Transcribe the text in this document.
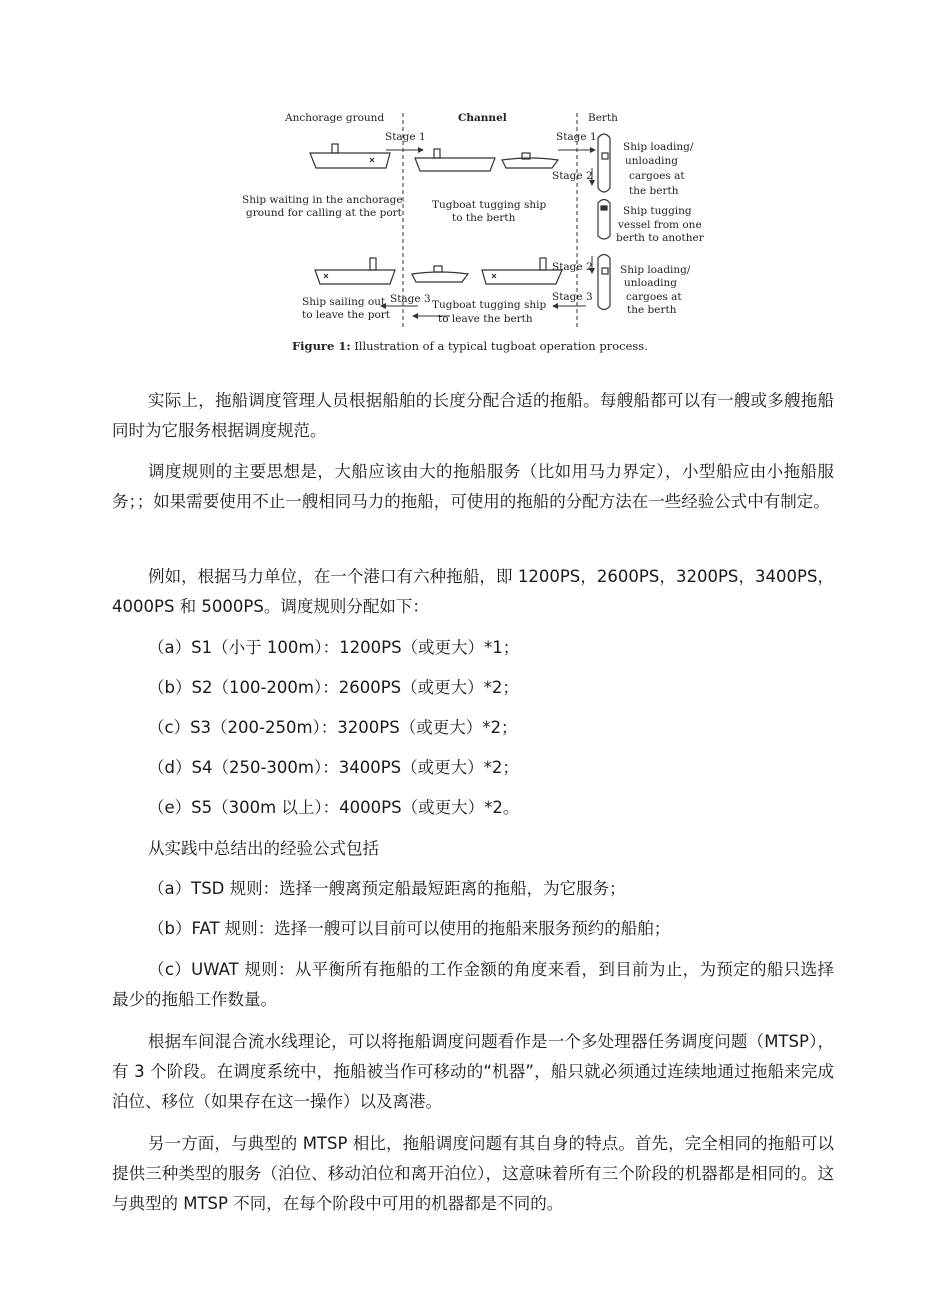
Anchorage ground	Channel	Berth
Stage 1	Stage 1
Stage 2
Stage 2
Stage 3
Stage 3
Ship waiting in the anchorage
ground for calling at the port
Tugboat tugging ship
to the berth
Ship loading/
unloading
cargoes at
the berth
Ship tugging
vessel from one
berth to another
Ship loading/
unloading
cargoes at
the berth
Ship sailing out
to leave the port
Tugboat tugging ship
to leave the berth
Figure 1: Illustration of a typical tugboat operation process.

实际上，拖船调度管理人员根据船舶的长度分配合适的拖船。每艘船都可以有一艘或多艘拖船同时为它服务根据调度规范。

调度规则的主要思想是，大船应该由大的拖船服务（比如用马力界定），小型船应由小拖船服务；；如果需要使用不止一艘相同马力的拖船，可使用的拖船的分配方法在一些经验公式中有制定。

例如，根据马力单位，在一个港口有六种拖船，即 1200PS，2600PS，3200PS，3400PS，4000PS 和 5000PS。调度规则分配如下：

（a）S1（小于 100m）：1200PS（或更大）*1；
（b）S2（100-200m）：2600PS（或更大）*2；
（c）S3（200-250m）：3200PS（或更大）*2；
（d）S4（250-300m）：3400PS（或更大）*2；
（e）S5（300m 以上）：4000PS（或更大）*2。
从实践中总结出的经验公式包括
（a）TSD 规则：选择一艘离预定船最短距离的拖船，为它服务；
（b）FAT 规则：选择一艘可以目前可以使用的拖船来服务预约的船舶；

（c）UWAT 规则：从平衡所有拖船的工作金额的角度来看，到目前为止，为预定的船只选择最少的拖船工作数量。

根据车间混合流水线理论，可以将拖船调度问题看作是一个多处理器任务调度问题（MTSP），有 3 个阶段。在调度系统中，拖船被当作可移动的“机器”，船只就必须通过连续地通过拖船来完成泊位、移位（如果存在这一操作）以及离港。

另一方面，与典型的 MTSP 相比，拖船调度问题有其自身的特点。首先，完全相同的拖船可以提供三种类型的服务（泊位、移动泊位和离开泊位），这意味着所有三个阶段的机器都是相同的。这与典型的 MTSP 不同，在每个阶段中可用的机器都是不同的。
